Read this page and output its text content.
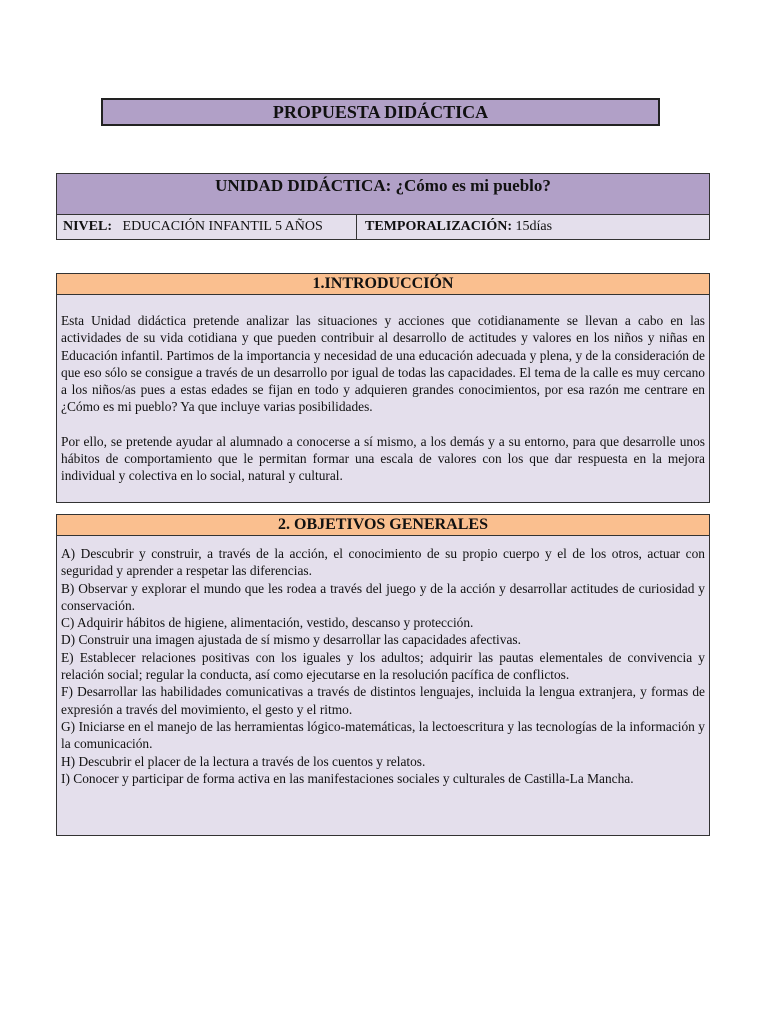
PROPUESTA DIDÁCTICA
UNIDAD DIDÁCTICA: ¿Cómo es mi pueblo?
NIVEL: EDUCACIÓN INFANTIL 5 AÑOS	TEMPORALIZACIÓN: 15días
1.INTRODUCCIÓN

Esta Unidad didáctica pretende analizar las situaciones y acciones que cotidianamente se llevan a cabo en las actividades de su vida cotidiana y que pueden contribuir al desarrollo de actitudes y valores en los niños y niñas en Educación infantil. Partimos de la importancia y necesidad de una educación adecuada y plena, y de la consideración de que eso sólo se consigue a través de un desarrollo por igual de todas las capacidades. El tema de la calle es muy cercano a los niños/as pues a estas edades se fijan en todo y adquieren grandes conocimientos, por esa razón me centrare en ¿Cómo es mi pueblo? Ya que incluye varias posibilidades.

Por ello, se pretende ayudar al alumnado a conocerse a sí mismo, a los demás y a su entorno, para que desarrolle unos hábitos de comportamiento que le permitan formar una escala de valores con los que dar respuesta en la mejora individual y colectiva en lo social, natural y cultural.

2. OBJETIVOS GENERALES

A) Descubrir y construir, a través de la acción, el conocimiento de su propio cuerpo y el de los otros, actuar con seguridad y aprender a respetar las diferencias.

B) Observar y explorar el mundo que les rodea a través del juego y de la acción y desarrollar actitudes de curiosidad y conservación.

C) Adquirir hábitos de higiene, alimentación, vestido, descanso y protección.

D) Construir una imagen ajustada de sí mismo y desarrollar las capacidades afectivas.

E) Establecer relaciones positivas con los iguales y los adultos; adquirir las pautas elementales de convivencia y relación social; regular la conducta, así como ejecutarse en la resolución pacífica de conflictos.

F) Desarrollar las habilidades comunicativas a través de distintos lenguajes, incluida la lengua extranjera, y formas de expresión a través del movimiento, el gesto y el ritmo.

G) Iniciarse en el manejo de las herramientas lógico-matemáticas, la lectoescritura y las tecnologías de la información y la comunicación.

H) Descubrir el placer de la lectura a través de los cuentos y relatos.

I) Conocer y participar de forma activa en las manifestaciones sociales y culturales de Castilla-La Mancha.
